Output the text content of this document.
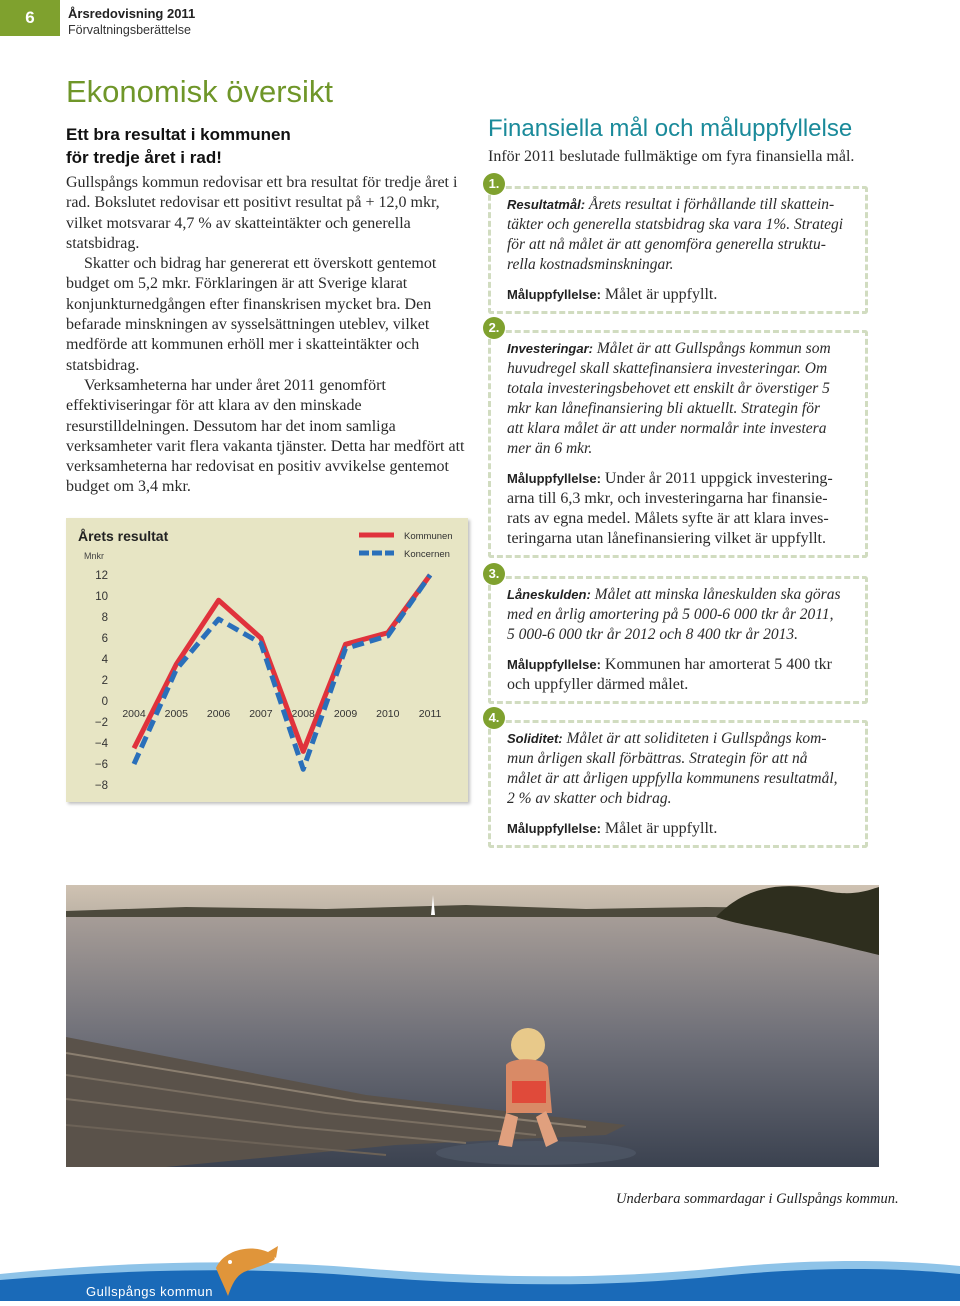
6	Årsredovisning 2011
Förvaltningsberättelse
Ekonomisk översikt
Ett bra resultat i kommunen
för tredje året i rad!

Gullspångs kommun redovisar ett bra resultat för tredje året i rad. Bokslutet redovisar ett positivt resultat på + 12,0 mkr, vilket motsvarar 4,7 % av skatteintäkter och generella statsbidrag.

Skatter och bidrag har genererat ett överskott gentemot budget om 5,2 mkr. Förklaringen är att Sverige klarat konjunkturnedgången efter finanskrisen mycket bra. Den befarade minskningen av sysselsättningen uteblev, vilket medförde att kommunen erhöll mer i skatteintäkter och statsbidrag.

Verksamheterna har under året 2011 genomfört effektiviseringar för att klara av den minskade resurstilldelningen. Dessutom har det inom samliga verksamheter varit flera vakanta tjänster. Detta har medfört att verksamheterna har redovisat en positiv avvikelse gentemot budget om 3,4 mkr.

Årets resultat
Mnkr
12
10
8
6
4
2
0
−2
−4
−6
−8
2004 2005 2006 2007 2008 2009 2010 2011
Kommunen
Koncernen
Finansiella mål och måluppfyllelse
Inför 2011 beslutade fullmäktige om fyra finansiella mål.
1.
Resultatmål: Årets resultat i förhållande till skattein-
täkter och generella statsbidrag ska vara 1%. Strategi
för att nå målet är att genomföra generella struktu-
rella kostnadsminskningar.
Måluppfyllelse: Målet är uppfyllt.
2.
Investeringar: Målet är att Gullspångs kommun som
huvudregel skall skattefinansiera investeringar. Om
totala investeringsbehovet ett enskilt år överstiger 5
mkr kan lånefinansiering bli aktuellt. Strategin för
att klara målet är att under normalår inte investera
mer än 6 mkr.
Måluppfyllelse: Under år 2011 uppgick investering-
arna till 6,3 mkr, och investeringarna har finansie-
rats av egna medel. Målets syfte är att klara inves-
teringarna utan lånefinansiering vilket är uppfyllt.
3.
Låneskulden: Målet att minska låneskulden ska göras
med en årlig amortering på 5 000-6 000 tkr år 2011,
5 000-6 000 tkr år 2012 och 8 400 tkr år 2013.
Måluppfyllelse: Kommunen har amorterat 5 400 tkr
och uppfyller därmed målet.
4.
Soliditet: Målet är att soliditeten i Gullspångs kom-
mun årligen skall förbättras. Strategin för att nå
målet är att årligen uppfylla kommunens resultatmål,
2 % av skatter och bidrag.
Måluppfyllelse: Målet är uppfyllt.
Underbara sommardagar i Gullspångs kommun.
Gullspångs kommun
